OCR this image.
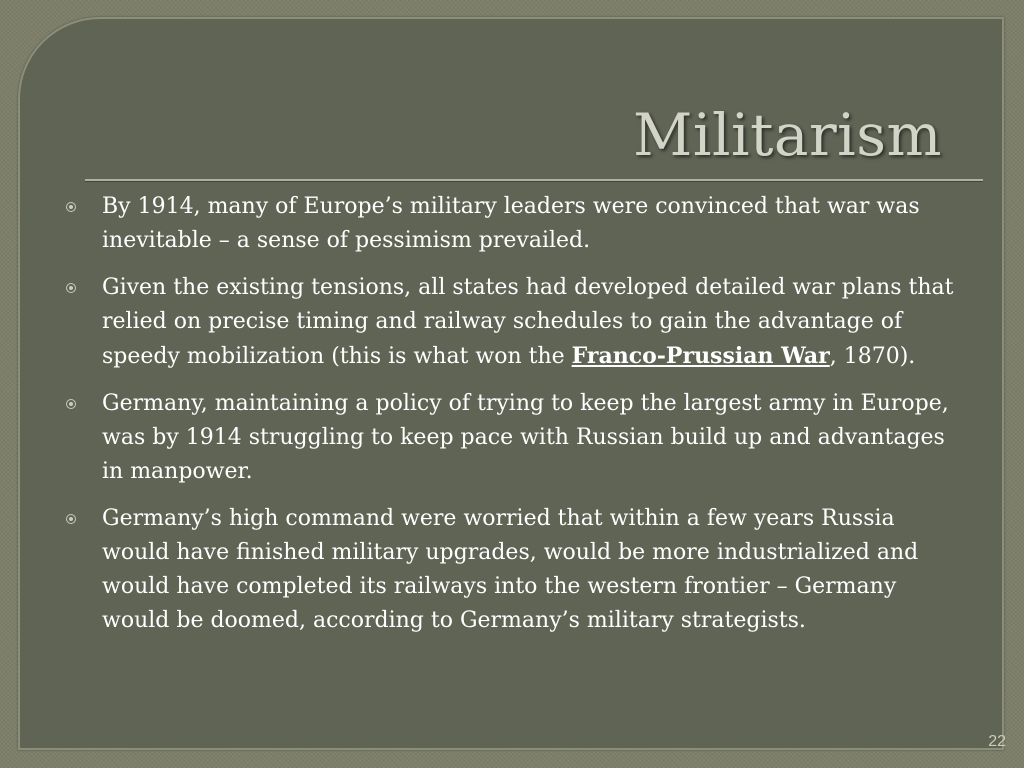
Militarism
By 1914, many of Europe’s military leaders were convinced that war was inevitable – a sense of pessimism prevailed.
Given the existing tensions, all states had developed detailed war plans that relied on precise timing and railway schedules to gain the advantage of speedy mobilization (this is what won the Franco-Prussian War, 1870).
Germany, maintaining a policy of trying to keep the largest army in Europe, was by 1914 struggling to keep pace with Russian build up and advantages in manpower.
Germany’s high command were worried that within a few years Russia would have finished military upgrades, would be more industrialized and would have completed its railways into the western frontier – Germany would be doomed, according to Germany’s military strategists.
22
